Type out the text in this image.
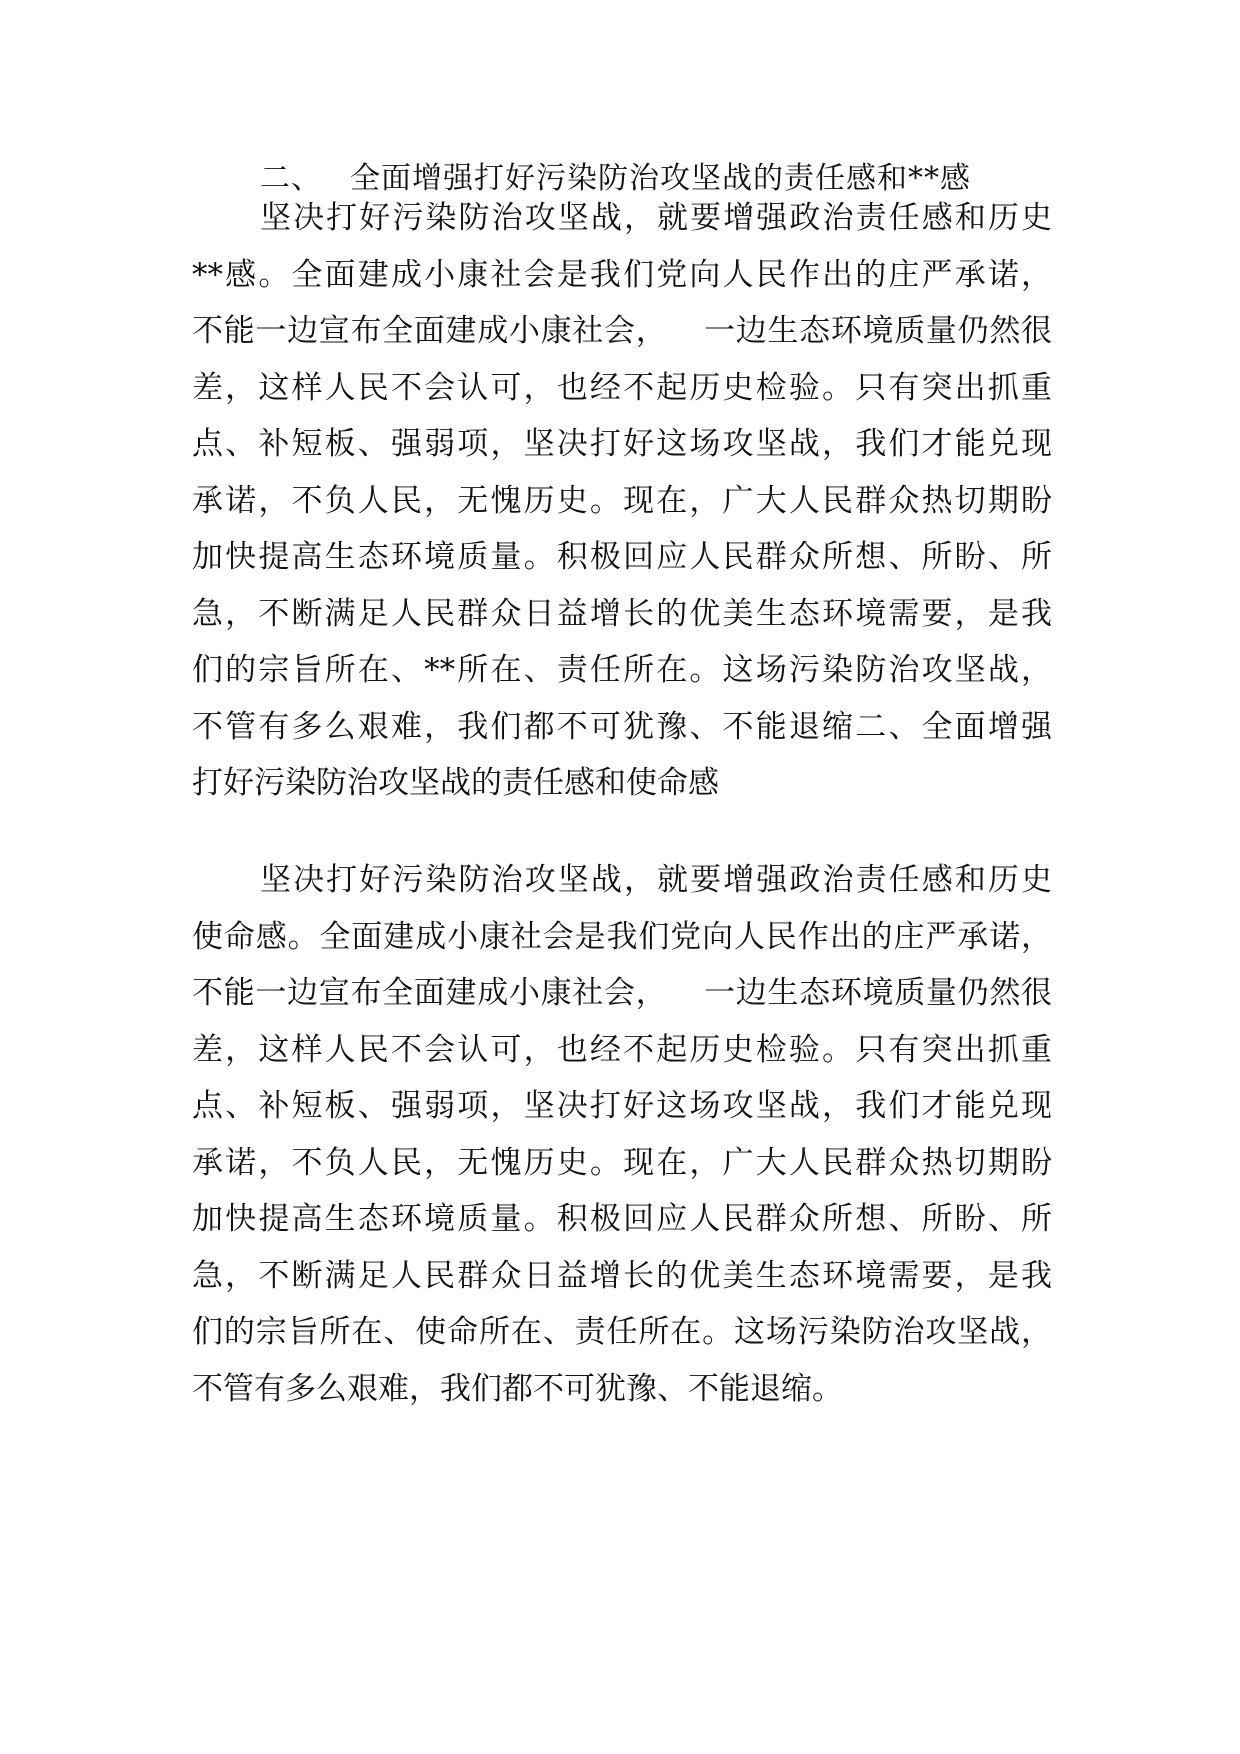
二、 全面增强打好污染防治攻坚战的责任感和**感
坚决打好污染防治攻坚战，就要增强政治责任感和历史
**感。全面建成小康社会是我们党向人民作出的庄严承诺，
不能一边宣布全面建成小康社会， 一边生态环境质量仍然很
差，这样人民不会认可，也经不起历史检验。只有突出抓重
点、补短板、强弱项，坚决打好这场攻坚战，我们才能兑现
承诺，不负人民，无愧历史。现在，广大人民群众热切期盼
加快提高生态环境质量。积极回应人民群众所想、所盼、所
急，不断满足人民群众日益增长的优美生态环境需要，是我
们的宗旨所在、**所在、责任所在。这场污染防治攻坚战，
不管有多么艰难，我们都不可犹豫、不能退缩二、全面增强
打好污染防治攻坚战的责任感和使命感
坚决打好污染防治攻坚战，就要增强政治责任感和历史
使命感。全面建成小康社会是我们党向人民作出的庄严承诺，
不能一边宣布全面建成小康社会， 一边生态环境质量仍然很
差，这样人民不会认可，也经不起历史检验。只有突出抓重
点、补短板、强弱项，坚决打好这场攻坚战，我们才能兑现
承诺，不负人民，无愧历史。现在，广大人民群众热切期盼
加快提高生态环境质量。积极回应人民群众所想、所盼、所
急，不断满足人民群众日益增长的优美生态环境需要，是我
们的宗旨所在、使命所在、责任所在。这场污染防治攻坚战，
不管有多么艰难，我们都不可犹豫、不能退缩。
